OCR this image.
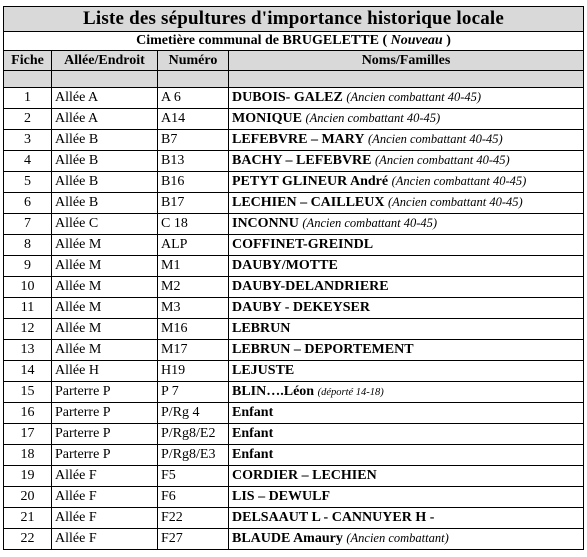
Liste des sépultures d'importance historique locale			
Cimetière communal de BRUGELETTE ( Nouveau )			
Fiche	Allée/Endroit	Numéro	Noms/Familles

1	Allée A	A 6	DUBOIS- GALEZ (Ancien combattant 40-45)
2	Allée A	A14	MONIQUE (Ancien combattant 40-45)
3	Allée B	B7	LEFEBVRE – MARY (Ancien combattant 40-45)
4	Allée B	B13	BACHY – LEFEBVRE (Ancien combattant 40-45)
5	Allée B	B16	PETYT GLINEUR André (Ancien combattant 40-45)
6	Allée B	B17	LECHIEN – CAILLEUX (Ancien combattant 40-45)
7	Allée C	C 18	INCONNU (Ancien combattant 40-45)
8	Allée M	ALP	COFFINET-GREINDL
9	Allée M	M1	DAUBY/MOTTE
10	Allée M	M2	DAUBY-DELANDRIERE
11	Allée M	M3	DAUBY - DEKEYSER
12	Allée M	M16	LEBRUN
13	Allée M	M17	LEBRUN – DEPORTEMENT
14	Allée H	H19	LEJUSTE
15	Parterre P	P 7	BLIN….Léon (déporté 14-18)
16	Parterre P	P/Rg 4	Enfant
17	Parterre P	P/Rg8/E2	Enfant
18	Parterre P	P/Rg8/E3	Enfant
19	Allée F	F5	CORDIER – LECHIEN
20	Allée F	F6	LIS – DEWULF
21	Allée F	F22	DELSAAUT L - CANNUYER H -
22	Allée F	F27	BLAUDE Amaury (Ancien combattant)
